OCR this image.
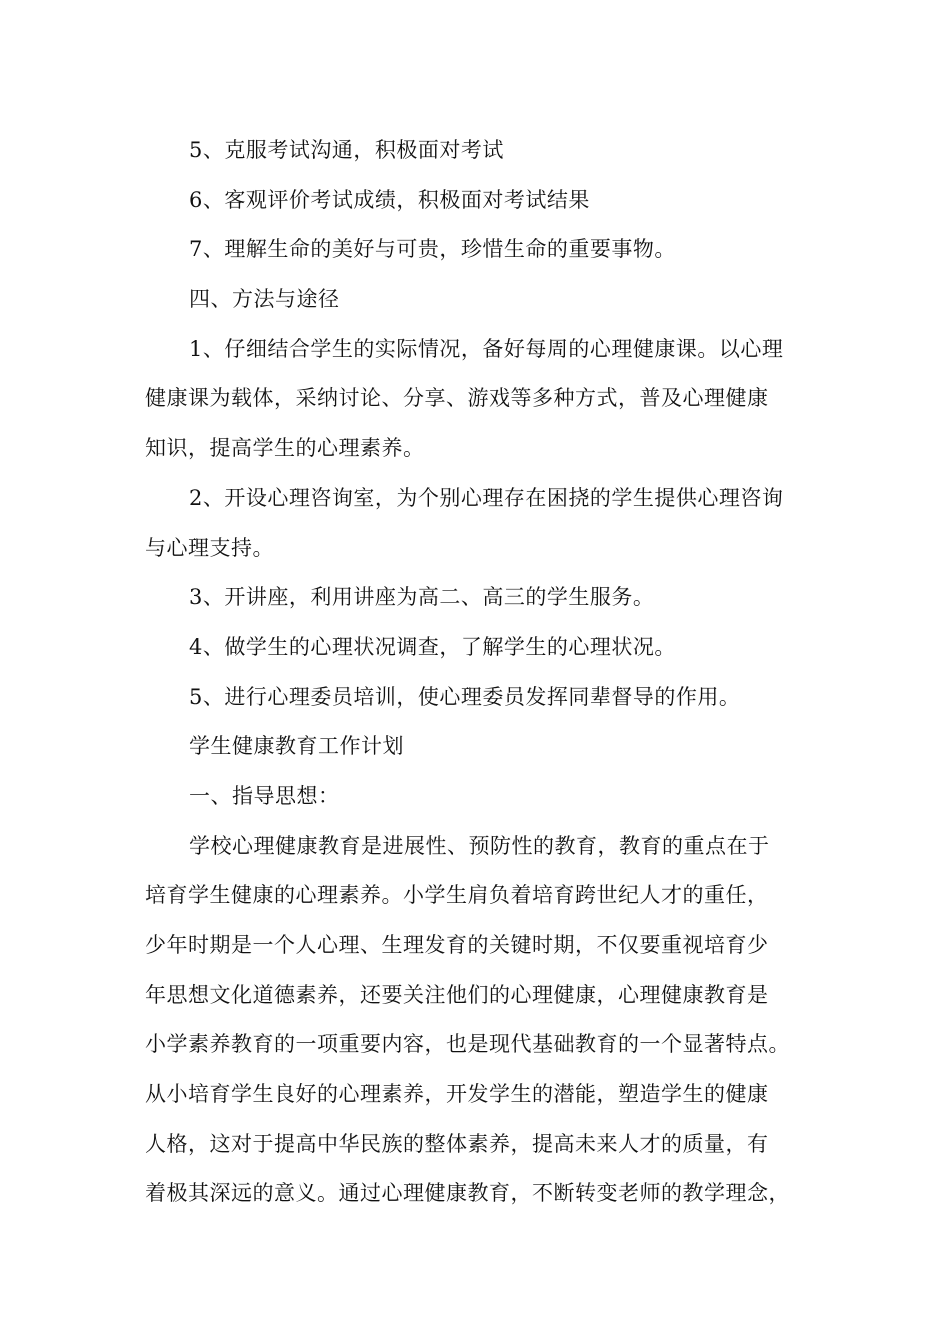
5、克服考试沟通，积极面对考试
6、客观评价考试成绩，积极面对考试结果
7、理解生命的美好与可贵，珍惜生命的重要事物。
四、方法与途径
1、仔细结合学生的实际情况，备好每周的心理健康课。以心理
健康课为载体，采纳讨论、分享、游戏等多种方式，普及心理健康
知识，提高学生的心理素养。
2、开设心理咨询室，为个别心理存在困挠的学生提供心理咨询
与心理支持。
3、开讲座，利用讲座为高二、高三的学生服务。
4、做学生的心理状况调查，了解学生的心理状况。
5、进行心理委员培训，使心理委员发挥同辈督导的作用。
学生健康教育工作计划
一、指导思想：
学校心理健康教育是进展性、预防性的教育，教育的重点在于
培育学生健康的心理素养。小学生肩负着培育跨世纪人才的重任，
少年时期是一个人心理、生理发育的关键时期，不仅要重视培育少
年思想文化道德素养，还要关注他们的心理健康，心理健康教育是
小学素养教育的一项重要内容，也是现代基础教育的一个显著特点。
从小培育学生良好的心理素养，开发学生的潜能，塑造学生的健康
人格，这对于提高中华民族的整体素养，提高未来人才的质量，有
着极其深远的意义。通过心理健康教育，不断转变老师的教学理念，
